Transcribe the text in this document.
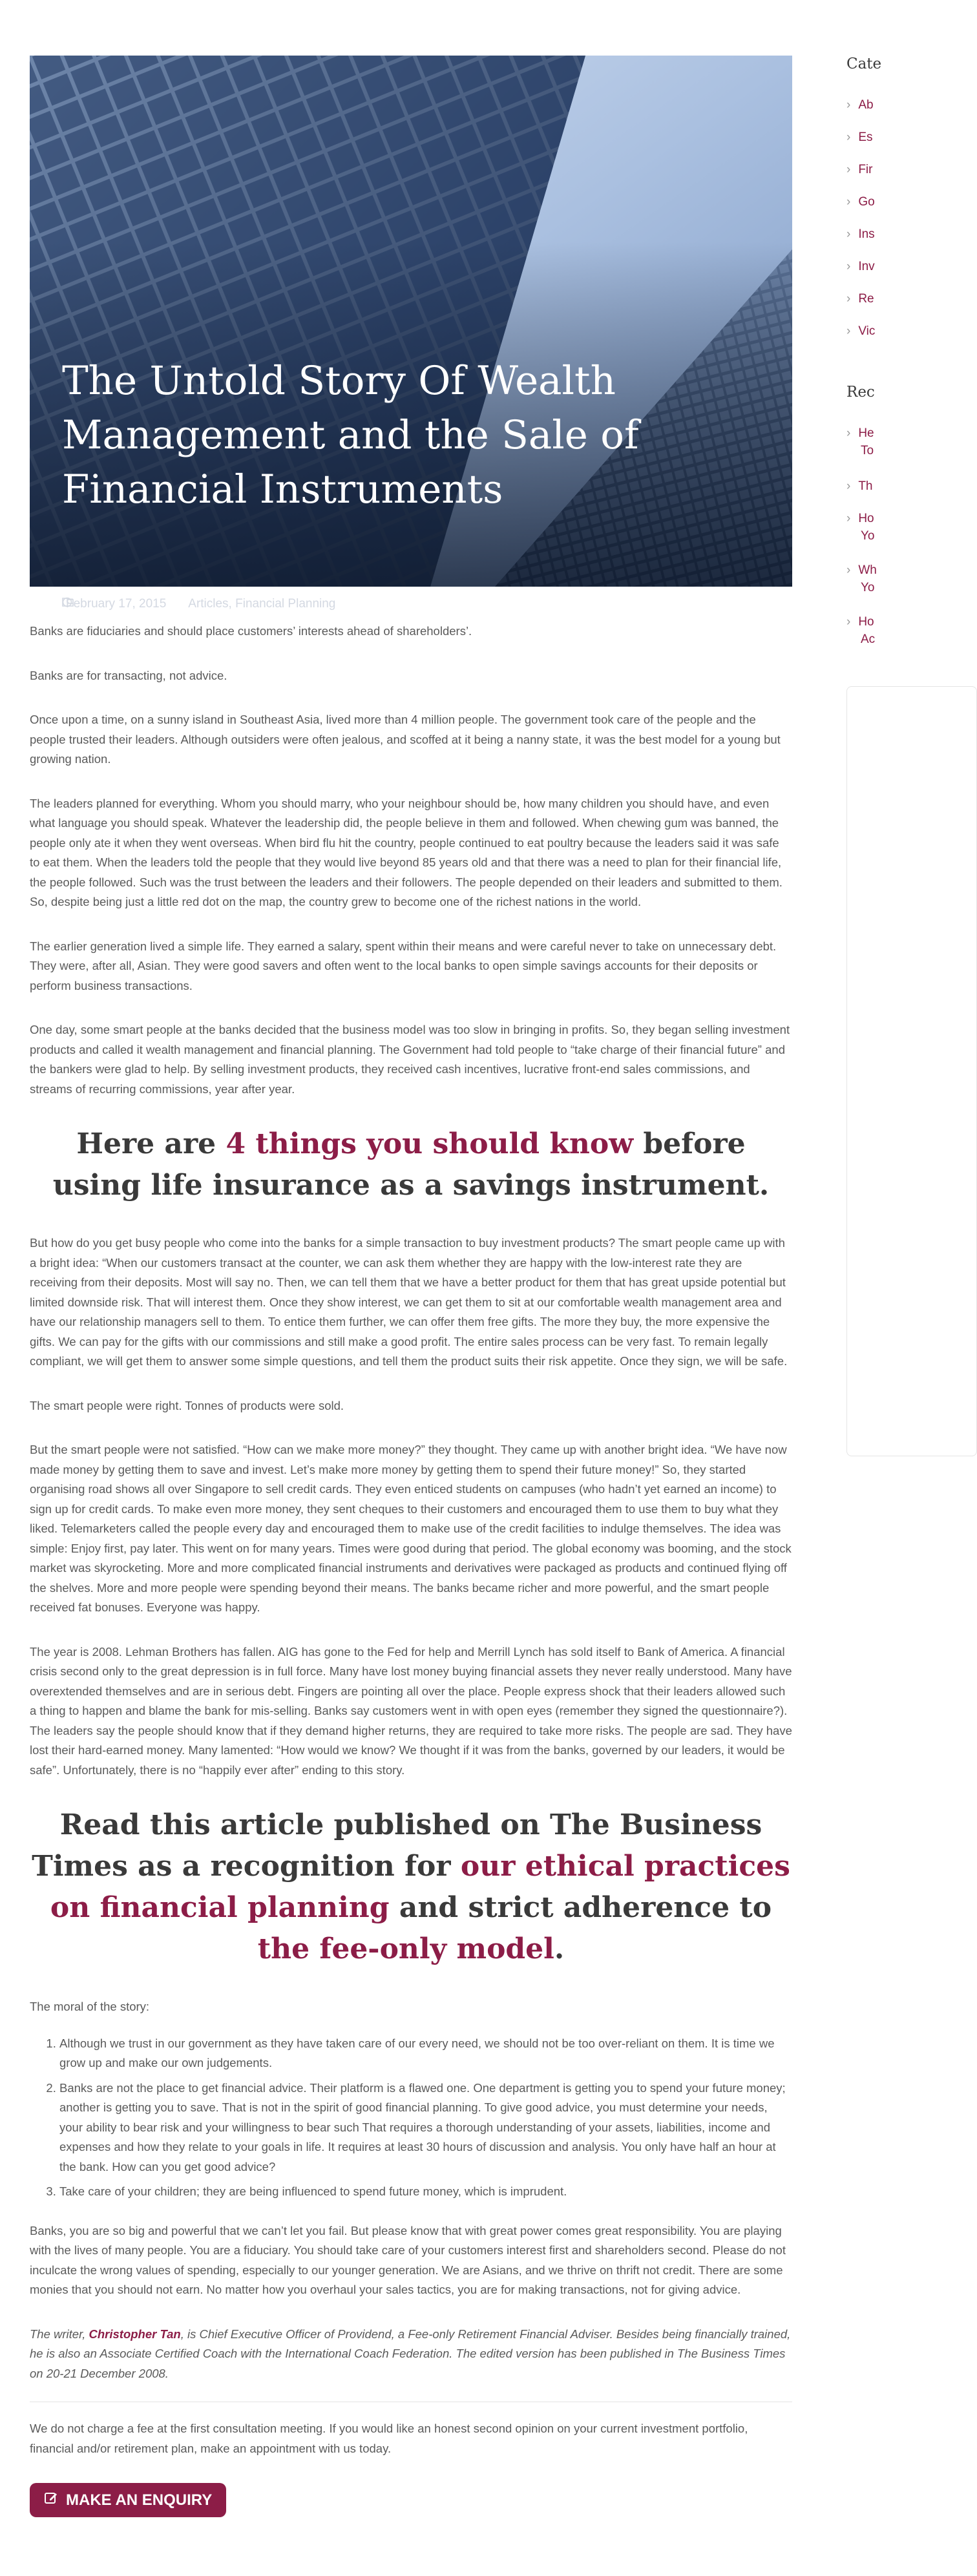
The Untold Story Of Wealth Management and the Sale of Financial Instruments
February 17, 2015 Articles, Financial Planning

Banks are fiduciaries and should place customers’ interests ahead of shareholders’.

Banks are for transacting, not advice.

Once upon a time, on a sunny island in Southeast Asia, lived more than 4 million people. The government took care of the people and the people trusted their leaders. Although outsiders were often jealous, and scoffed at it being a nanny state, it was the best model for a young but growing nation.

The leaders planned for everything. Whom you should marry, who your neighbour should be, how many children you should have, and even what language you should speak. Whatever the leadership did, the people believe in them and followed. When chewing gum was banned, the people only ate it when they went overseas. When bird flu hit the country, people continued to eat poultry because the leaders said it was safe to eat them. When the leaders told the people that they would live beyond 85 years old and that there was a need to plan for their financial life, the people followed. Such was the trust between the leaders and their followers. The people depended on their leaders and submitted to them. So, despite being just a little red dot on the map, the country grew to become one of the richest nations in the world.

The earlier generation lived a simple life. They earned a salary, spent within their means and were careful never to take on unnecessary debt. They were, after all, Asian. They were good savers and often went to the local banks to open simple savings accounts for their deposits or perform business transactions.

One day, some smart people at the banks decided that the business model was too slow in bringing in profits. So, they began selling investment products and called it wealth management and financial planning. The Government had told people to “take charge of their financial future” and the bankers were glad to help. By selling investment products, they received cash incentives, lucrative front-end sales commissions, and streams of recurring commissions, year after year.

Here are 4 things you should know before using life insurance as a savings instrument.

But how do you get busy people who come into the banks for a simple transaction to buy investment products? The smart people came up with a bright idea: “When our customers transact at the counter, we can ask them whether they are happy with the low-interest rate they are receiving from their deposits. Most will say no. Then, we can tell them that we have a better product for them that has great upside potential but limited downside risk. That will interest them. Once they show interest, we can get them to sit at our comfortable wealth management area and have our relationship managers sell to them. To entice them further, we can offer them free gifts. The more they buy, the more expensive the gifts. We can pay for the gifts with our commissions and still make a good profit. The entire sales process can be very fast. To remain legally compliant, we will get them to answer some simple questions, and tell them the product suits their risk appetite. Once they sign, we will be safe.

The smart people were right. Tonnes of products were sold.

But the smart people were not satisfied. “How can we make more money?” they thought. They came up with another bright idea. “We have now made money by getting them to save and invest. Let’s make more money by getting them to spend their future money!” So, they started organising road shows all over Singapore to sell credit cards. They even enticed students on campuses (who hadn’t yet earned an income) to sign up for credit cards. To make even more money, they sent cheques to their customers and encouraged them to use them to buy what they liked. Telemarketers called the people every day and encouraged them to make use of the credit facilities to indulge themselves. The idea was simple: Enjoy first, pay later. This went on for many years. Times were good during that period. The global economy was booming, and the stock market was skyrocketing. More and more complicated financial instruments and derivatives were packaged as products and continued flying off the shelves. More and more people were spending beyond their means. The banks became richer and more powerful, and the smart people received fat bonuses. Everyone was happy.

The year is 2008. Lehman Brothers has fallen. AIG has gone to the Fed for help and Merrill Lynch has sold itself to Bank of America. A financial crisis second only to the great depression is in full force. Many have lost money buying financial assets they never really understood. Many have overextended themselves and are in serious debt. Fingers are pointing all over the place. People express shock that their leaders allowed such a thing to happen and blame the bank for mis-selling. Banks say customers went in with open eyes (remember they signed the questionnaire?). The leaders say the people should know that if they demand higher returns, they are required to take more risks. The people are sad. They have lost their hard-earned money. Many lamented: “How would we know? We thought if it was from the banks, governed by our leaders, it would be safe”. Unfortunately, there is no “happily ever after” ending to this story.

Read this article published on The Business Times as a recognition for our ethical practices on financial planning and strict adherence to the fee-only model.

The moral of the story:

1. Although we trust in our government as they have taken care of our every need, we should not be too over-reliant on them. It is time we grow up and make our own judgements.
2. Banks are not the place to get financial advice. Their platform is a flawed one. One department is getting you to spend your future money; another is getting you to save. That is not in the spirit of good financial planning. To give good advice, you must determine your needs, your ability to bear risk and your willingness to bear such That requires a thorough understanding of your assets, liabilities, income and expenses and how they relate to your goals in life. It requires at least 30 hours of discussion and analysis. You only have half an hour at the bank. How can you get good advice?
3. Take care of your children; they are being influenced to spend future money, which is imprudent.

Banks, you are so big and powerful that we can’t let you fail. But please know that with great power comes great responsibility. You are playing with the lives of many people. You are a fiduciary. You should take care of your customers interest first and shareholders second. Please do not inculcate the wrong values of spending, especially to our younger generation. We are Asians, and we thrive on thrift not credit. There are some monies that you should not earn. No matter how you overhaul your sales tactics, you are for making transactions, not for giving advice.

The writer, Christopher Tan, is Chief Executive Officer of Providend, a Fee-only Retirement Financial Adviser. Besides being financially trained, he is also an Associate Certified Coach with the International Coach Federation. The edited version has been published in The Business Times on 20-21 December 2008.

We do not charge a fee at the first consultation meeting. If you would like an honest second opinion on your current investment portfolio, financial and/or retirement plan, make an appointment with us today.

MAKE AN ENQUIRY
Cate
› Ab
› Es
› Fir
› Go
› Ins
› Inv
› Re
› Vic
Rec
› He
To
› Th
› Ho
Yo
› Wh
Yo
› Ho
Ac
